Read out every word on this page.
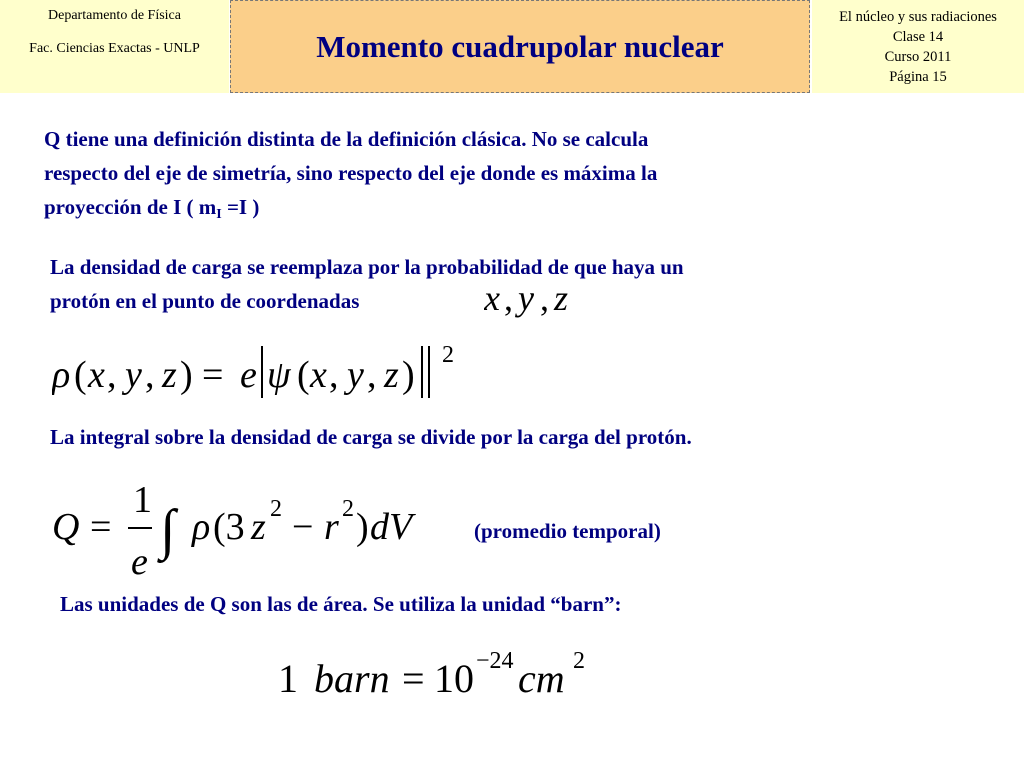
Departamento de Física
Fac. Ciencias Exactas - UNLP	Momento cuadrupolar nuclear
El núcleo y sus radiaciones
Clase 14
Curso 2011
Página 15
Q tiene una definición distinta de la definición clásica. No se calcula
respecto del eje de simetría, sino respecto del eje donde es máxima la
proyección de I ( $m_I =I$ )
La densidad de carga se reemplaza por la probabilidad de que haya un
protón en el punto de coordenadas	x , y , z
ρ ( x , y , z ) = e ψ ( x , y , z ) 2
La integral sobre la densidad de carga se divide por la carga del protón.
Q =
1
e
∫ ρ (3 z 2 − r 2 ) dV	(promedio temporal)
Las unidades de Q son las de área. Se utiliza la unidad “barn”:
1 barn = 10 −24 cm 2
